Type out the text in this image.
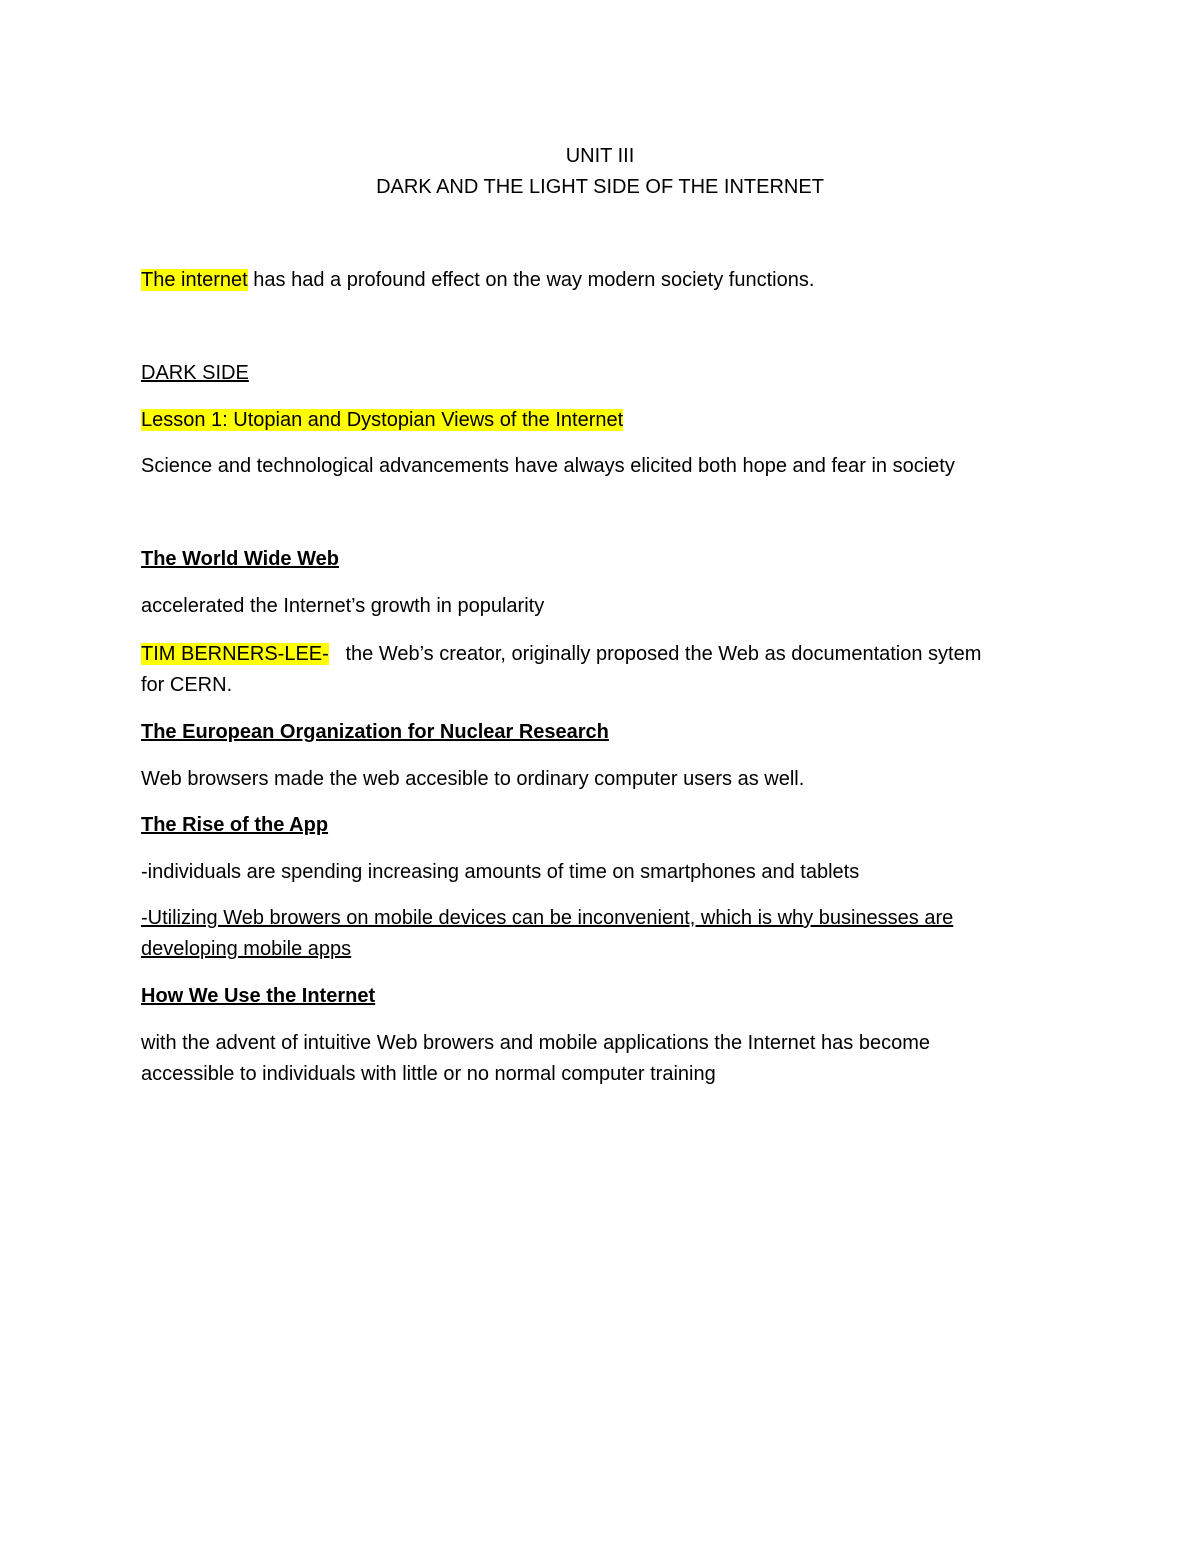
UNIT III
DARK AND THE LIGHT SIDE OF THE INTERNET
The internet has had a profound effect on the way modern society functions.
DARK SIDE
Lesson 1: Utopian and Dystopian Views of the Internet
Science and technological advancements have always elicited both hope and fear in society
The World Wide Web
accelerated the Internet’s growth in popularity
TIM BERNERS-LEE-   the Web’s creator, originally proposed the Web as documentation sytem
for CERN.
The European Organization for Nuclear Research
Web browsers made the web accesible to ordinary computer users as well.
The Rise of the App
-individuals are spending increasing amounts of time on smartphones and tablets
-Utilizing Web browers on mobile devices can be inconvenient, which is why businesses are
developing mobile apps
How We Use the Internet
with the advent of intuitive Web browers and mobile applications the Internet has become
accessible to individuals with little or no normal computer training
